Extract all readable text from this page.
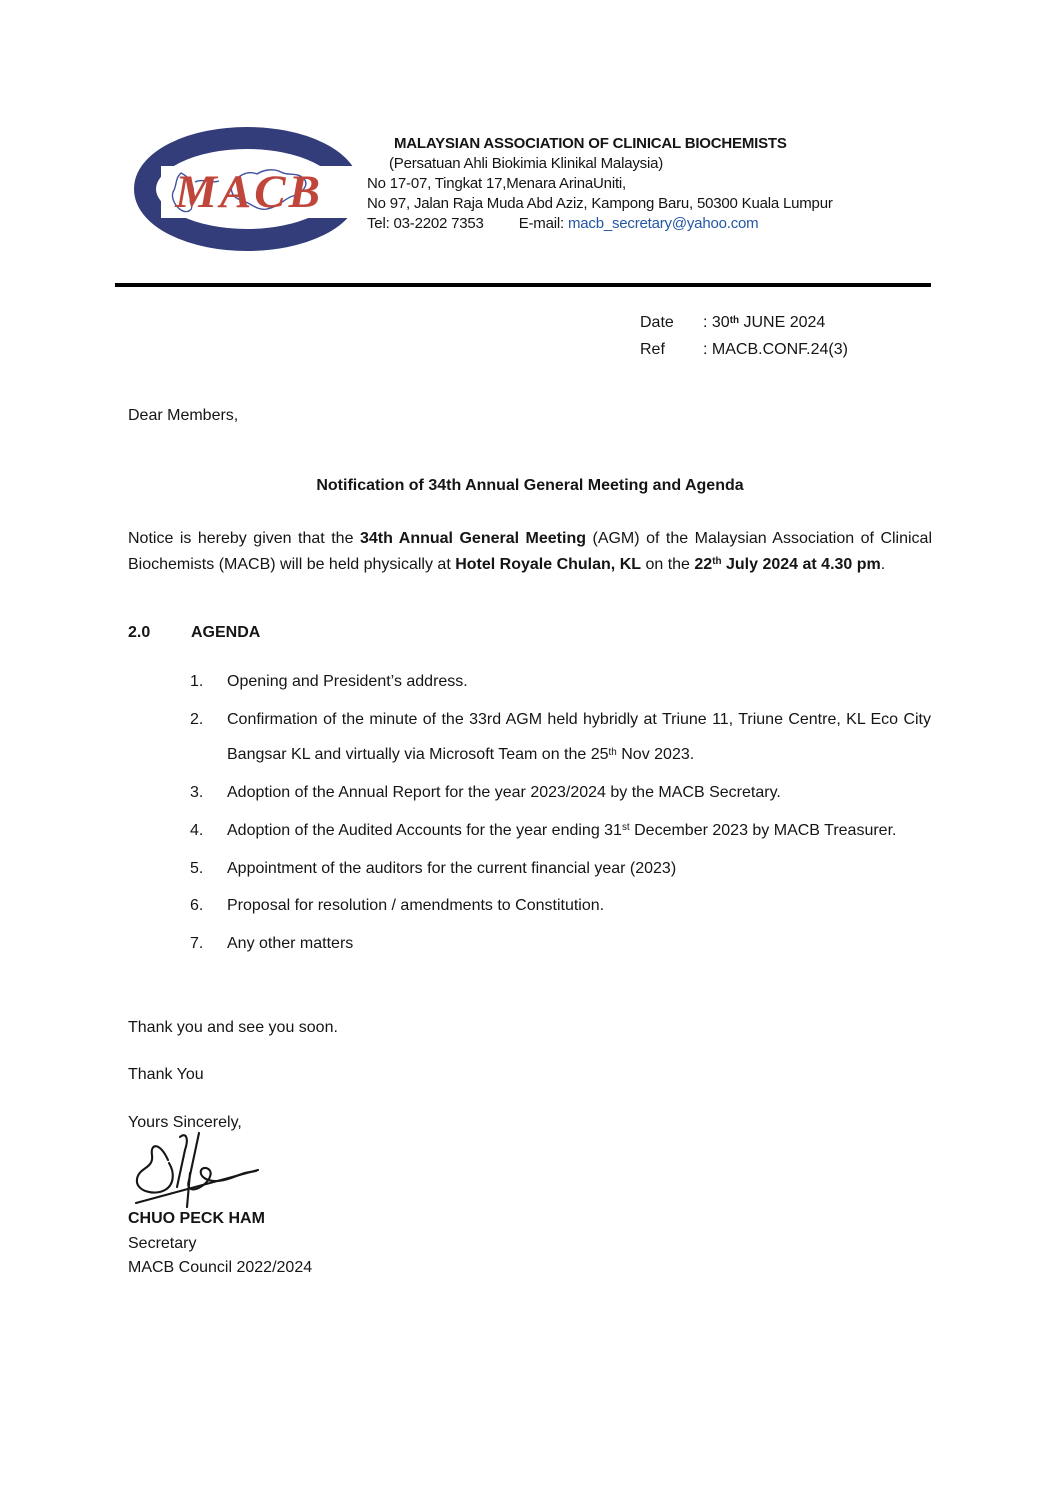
MACB
MALAYSIAN ASSOCIATION OF CLINICAL BIOCHEMISTS
(Persatuan Ahli Biokimia Klinikal Malaysia)
No 17-07, Tingkat 17,Menara ArinaUniti,
No 97, Jalan Raja Muda Abd Aziz, Kampong Baru, 50300 Kuala Lumpur
Tel: 03-2202 7353 E-mail: macb_secretary@yahoo.com
Date : 30th JUNE 2024
Ref : MACB.CONF.24(3)
Dear Members,
Notification of 34th Annual General Meeting and Agenda

Notice is hereby given that the 34th Annual General Meeting (AGM) of the Malaysian Association of Clinical Biochemists (MACB) will be held physically at Hotel Royale Chulan, KL on the 22th July 2024 at 4.30 pm.

2.0	AGENDA
1.	Opening and President’s address.
2.	Confirmation of the minute of the 33rd AGM held hybridly at Triune 11, Triune Centre, KL Eco City Bangsar KL and virtually via Microsoft Team on the 25th Nov 2023.
3.	Adoption of the Annual Report for the year 2023/2024 by the MACB Secretary.
4.	Adoption of the Audited Accounts for the year ending 31st December 2023 by MACB Treasurer.
5.	Appointment of the auditors for the current financial year (2023)
6.	Proposal for resolution / amendments to Constitution.
7.	Any other matters
Thank you and see you soon.
Thank You
Yours Sincerely,
CHUO PECK HAM
Secretary
MACB Council 2022/2024
